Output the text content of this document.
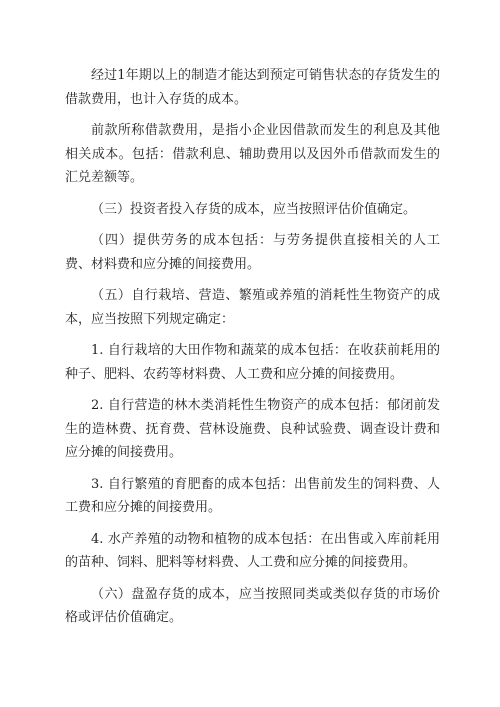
经过1年期以上的制造才能达到预定可销售状态的存货发生的借款费用，也计入存货的成本。

前款所称借款费用，是指小企业因借款而发生的利息及其他相关成本。包括：借款利息、辅助费用以及因外币借款而发生的汇兑差额等。

（三）投资者投入存货的成本，应当按照评估价值确定。

（四）提供劳务的成本包括：与劳务提供直接相关的人工费、材料费和应分摊的间接费用。

（五）自行栽培、营造、繁殖或养殖的消耗性生物资产的成本，应当按照下列规定确定：

1. 自行栽培的大田作物和蔬菜的成本包括：在收获前耗用的种子、肥料、农药等材料费、人工费和应分摊的间接费用。

2. 自行营造的林木类消耗性生物资产的成本包括：郁闭前发生的造林费、抚育费、营林设施费、良种试验费、调查设计费和应分摊的间接费用。

3. 自行繁殖的育肥畜的成本包括：出售前发生的饲料费、人工费和应分摊的间接费用。

4. 水产养殖的动物和植物的成本包括：在出售或入库前耗用的苗种、饲料、肥料等材料费、人工费和应分摊的间接费用。

（六）盘盈存货的成本，应当按照同类或类似存货的市场价格或评估价值确定。
